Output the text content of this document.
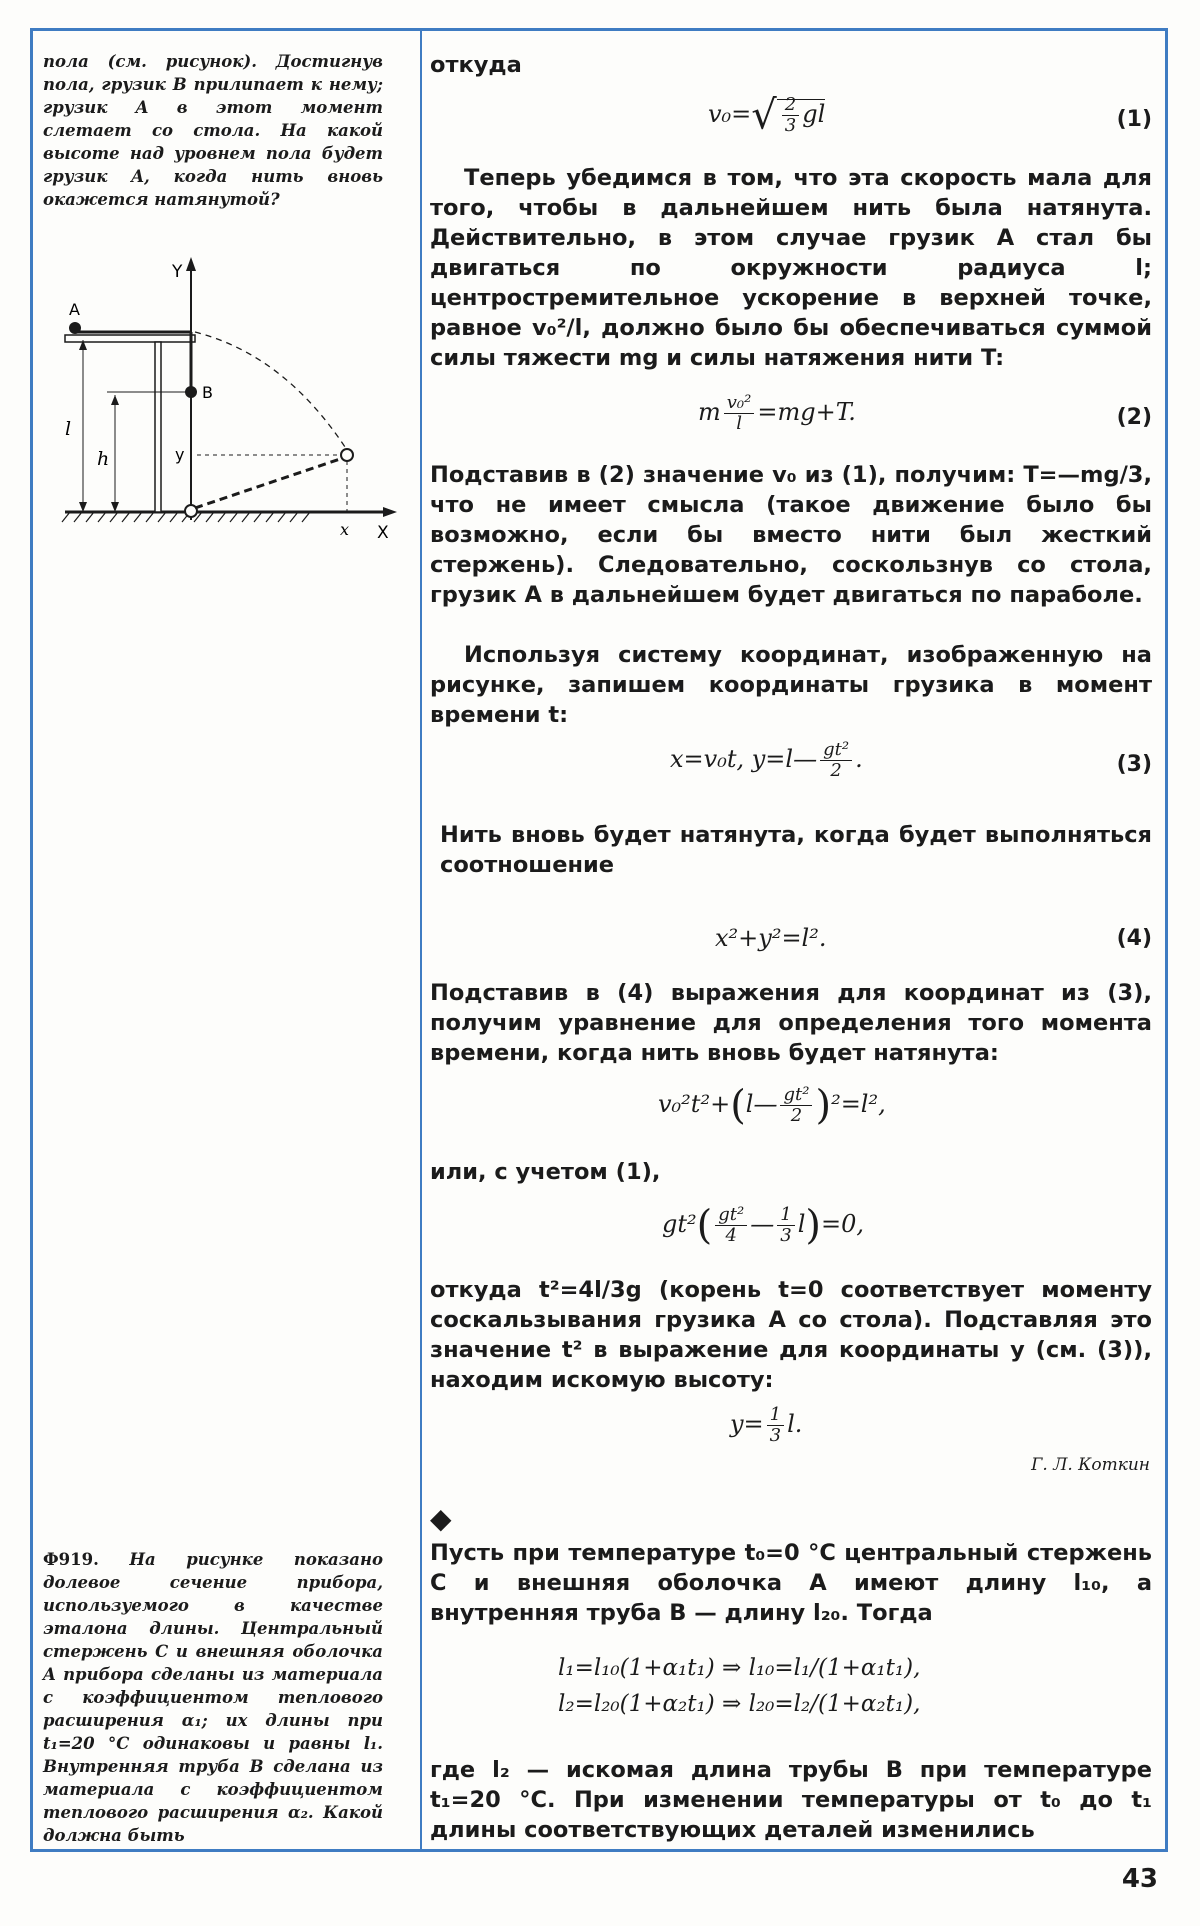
пола (см. рисунок). Достигнув пола, грузик B прилипает к нему; грузик A в этот момент слетает со стола. На какой высоте над уровнем пола будет грузик A, когда нить вновь окажется натянутой?

Y
X
A
B
y
x
l
h

Ф919. На рисунке показано долевое сечение прибора, используемого в качестве эталона длины. Центральный стержень C и внешняя оболочка A прибора сделаны из материала с коэффициентом теплового расширения α₁; их длины при t₁=20 °С одинаковы и равны l₁. Внутренняя труба B сделана из материала с коэффициентом теплового расширения α₂. Какой должна быть

откуда

$v_0=√ \frac{2}{3}$ gl	(1)

Теперь убедимся в том, что эта скорость мала для того, чтобы в дальнейшем нить была натянута. Действительно, в этом случае грузик A стал бы двигаться по окружности радиуса l; центростремительное ускорение в верхней точке, равное v₀²/l, должно было бы обеспечиваться суммой силы тяжести mg и силы натяжения нити T:

m $\frac{\text{v₀²}}{l} =mg+T$.	(2)

Подставив в (2) значение v₀ из (1), получим: T=—mg/3, что не имеет смысла (такое движение было бы возможно, если бы вместо нити был жесткий стержень). Следовательно, соскользнув со стола, грузик A в дальнейшем будет двигаться по параболе.

Используя систему координат, изображенную на рисунке, запишем координаты грузика в момент времени t:

x=v₀t, y=l— $\frac{\text{gt²}}{2}$ .	(3)

Нить вновь будет натянута, когда будет выполняться соотношение

x²+y²=l².	(4)

Подставив в (4) выражения для координат из (3), получим уравнение для определения того момента времени, когда нить вновь будет натянута:

v₀²t²+(l— $\frac{\text{gt²}}{2} )^2=l^2$,

или, с учетом (1),

$gt^2( \frac{\text{gt²}}{4}$ — $\frac{1}{3} l)=0$,

откуда t²=4l/3g (корень t=0 соответствует моменту соскальзывания грузика A со стола). Подставляя это значение t² в выражение для координаты y (см. (3)), находим искомую высоту:

$y= \frac{1}{3} l$.
Г. Л. Коткин
◆

Пусть при температуре t₀=0 °С центральный стержень C и внешняя оболочка A имеют длину l₁₀, а внутренняя труба B — длину l₂₀. Тогда

l₁=l₁₀(1+α₁t₁) ⇒ l₁₀=l₁/(1+α₁t₁),
l₂=l₂₀(1+α₂t₁) ⇒ l₂₀=l₂/(1+α₂t₁),

где l₂ — искомая длина трубы B при температуре t₁=20 °С. При изменении температуры от t₀ до t₁ длины соответствующих деталей изменились

43
